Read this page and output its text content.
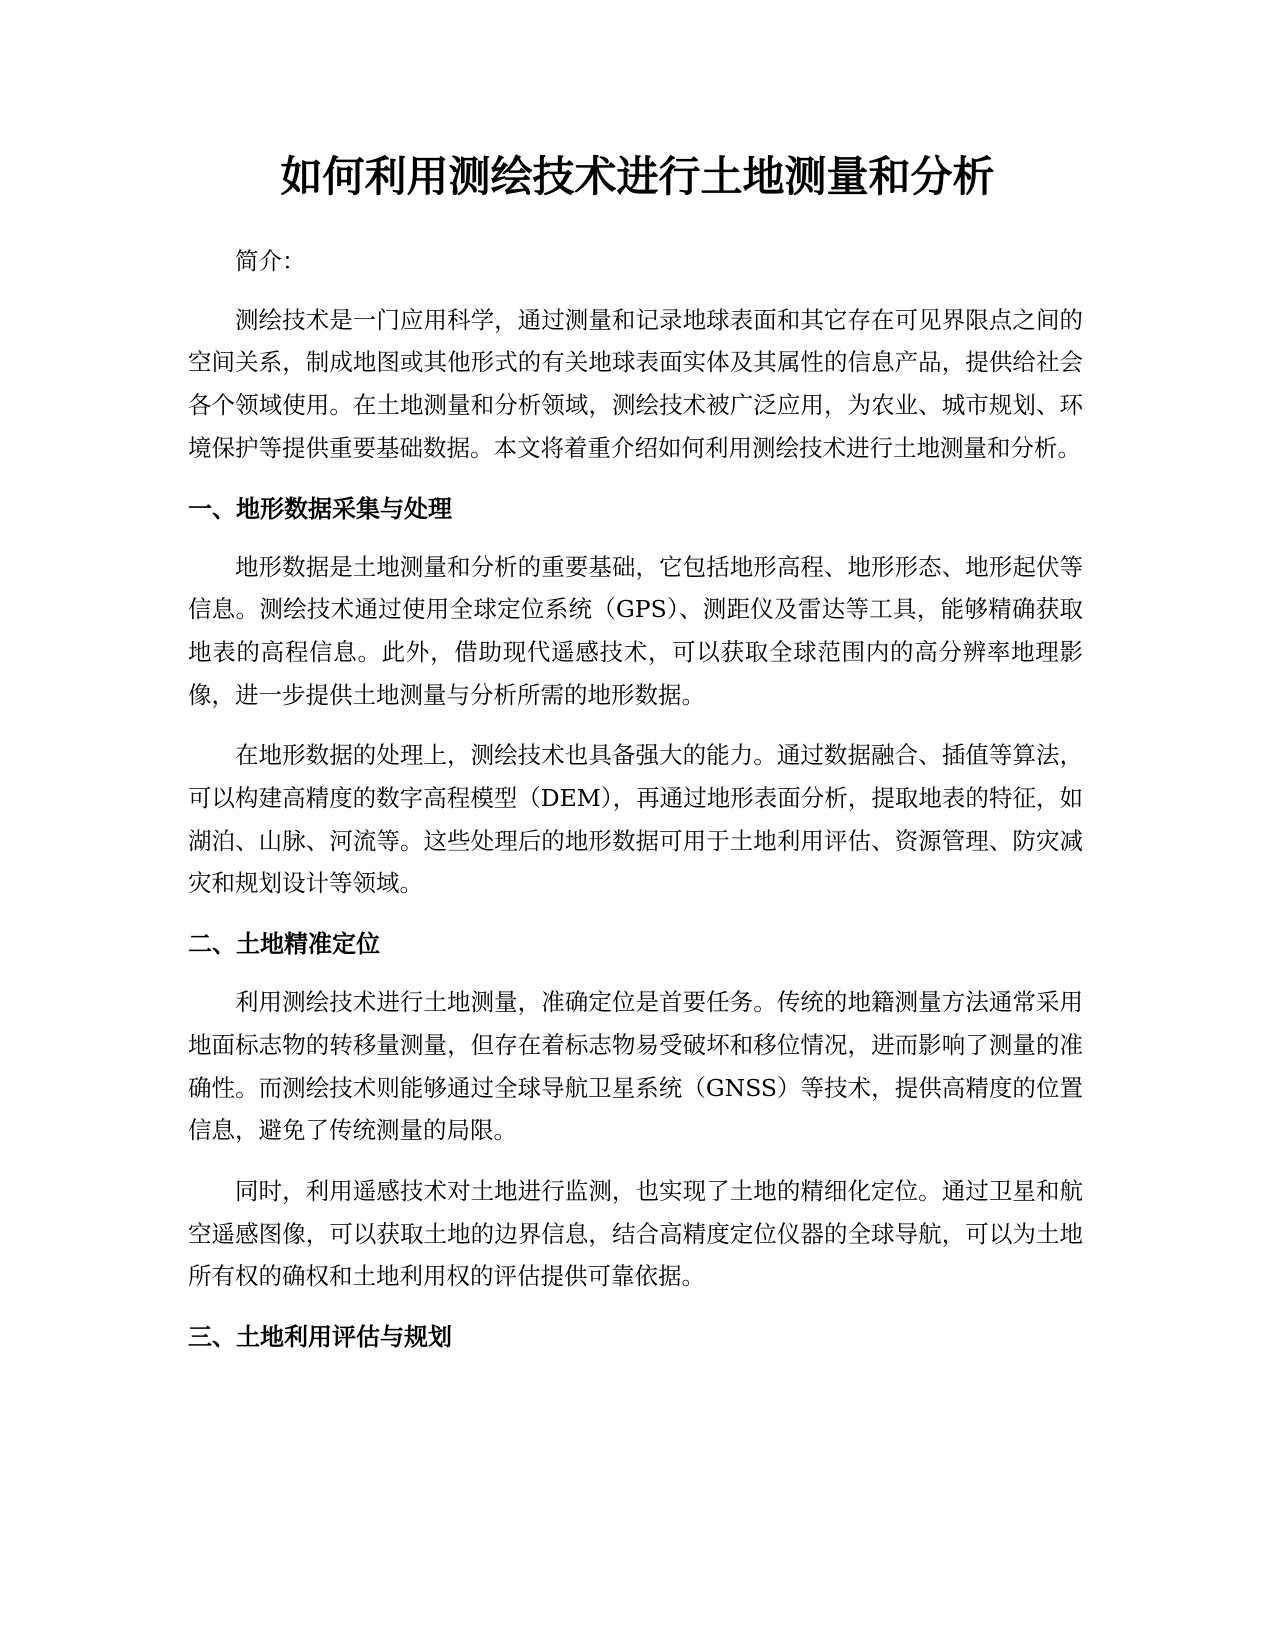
如何利用测绘技术进行土地测量和分析

简介：

测绘技术是一门应用科学，通过测量和记录地球表面和其它存在可见界限点之间的空间关系，制成地图或其他形式的有关地球表面实体及其属性的信息产品，提供给社会各个领域使用。在土地测量和分析领域，测绘技术被广泛应用，为农业、城市规划、环境保护等提供重要基础数据。本文将着重介绍如何利用测绘技术进行土地测量和分析。

一、地形数据采集与处理

地形数据是土地测量和分析的重要基础，它包括地形高程、地形形态、地形起伏等信息。测绘技术通过使用全球定位系统（GPS）、测距仪及雷达等工具，能够精确获取地表的高程信息。此外，借助现代遥感技术，可以获取全球范围内的高分辨率地理影像，进一步提供土地测量与分析所需的地形数据。

在地形数据的处理上，测绘技术也具备强大的能力。通过数据融合、插值等算法，可以构建高精度的数字高程模型（DEM），再通过地形表面分析，提取地表的特征，如湖泊、山脉、河流等。这些处理后的地形数据可用于土地利用评估、资源管理、防灾减灾和规划设计等领域。

二、土地精准定位

利用测绘技术进行土地测量，准确定位是首要任务。传统的地籍测量方法通常采用地面标志物的转移量测量，但存在着标志物易受破坏和移位情况，进而影响了测量的准确性。而测绘技术则能够通过全球导航卫星系统（GNSS）等技术，提供高精度的位置信息，避免了传统测量的局限。

同时，利用遥感技术对土地进行监测，也实现了土地的精细化定位。通过卫星和航空遥感图像，可以获取土地的边界信息，结合高精度定位仪器的全球导航，可以为土地所有权的确权和土地利用权的评估提供可靠依据。

三、土地利用评估与规划
